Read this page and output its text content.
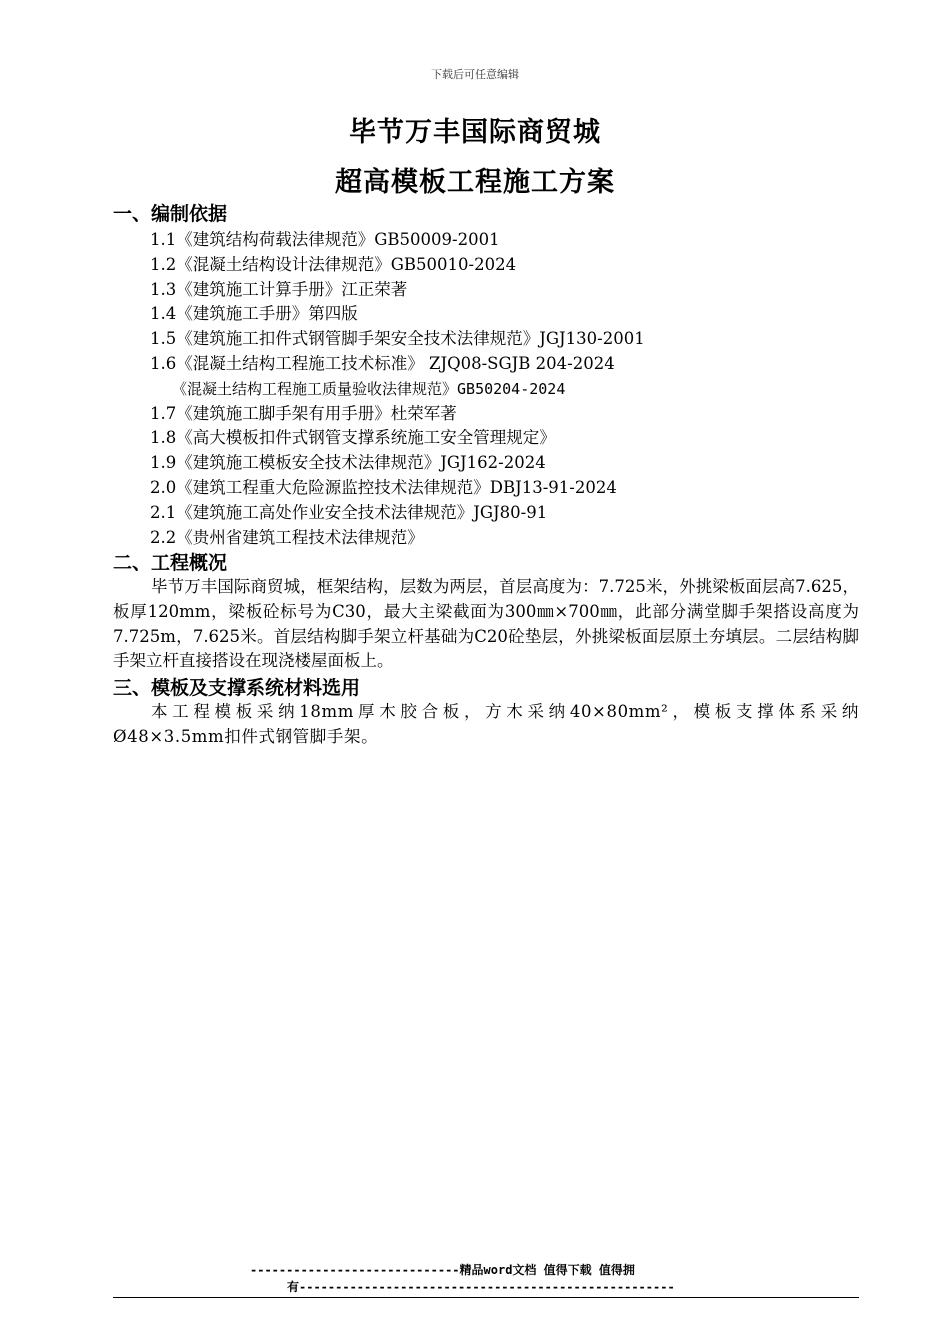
下载后可任意编辑
毕节万丰国际商贸城
超高模板工程施工方案
一、编制依据
1.1《建筑结构荷载法律规范》GB50009-2001
1.2《混凝土结构设计法律规范》GB50010-2024
1.3《建筑施工计算手册》江正荣著
1.4《建筑施工手册》第四版
1.5《建筑施工扣件式钢管脚手架安全技术法律规范》JGJ130-2001
1.6《混凝土结构工程施工技术标准》 ZJQ08-SGJB 204-2024
《混凝土结构工程施工质量验收法律规范》GB50204-2024
1.7《建筑施工脚手架有用手册》杜荣军著
1.8《高大模板扣件式钢管支撑系统施工安全管理规定》
1.9《建筑施工模板安全技术法律规范》JGJ162-2024
2.0《建筑工程重大危险源监控技术法律规范》DBJ13-91-2024
2.1《建筑施工高处作业安全技术法律规范》JGJ80-91
2.2《贵州省建筑工程技术法律规范》
二、工程概况

毕节万丰国际商贸城，框架结构，层数为两层，首层高度为：7.725米，外挑梁板面层高7.625，板厚120mm，梁板砼标号为C30，最大主梁截面为300㎜×700㎜，此部分满堂脚手架搭设高度为7.725m，7.625米。首层结构脚手架立杆基础为C20砼垫层，外挑梁板面层原土夯填层。二层结构脚手架立杆直接搭设在现浇楼屋面板上。

三、模板及支撑系统材料选用

本工程模板采纳18mm厚木胶合板，方木采纳40×80mm²，模板支撑体系采纳Ø48×3.5mm扣件式钢管脚手架。

-----------------------------精品word文档 值得下载 值得拥
有----------------------------------------------------
